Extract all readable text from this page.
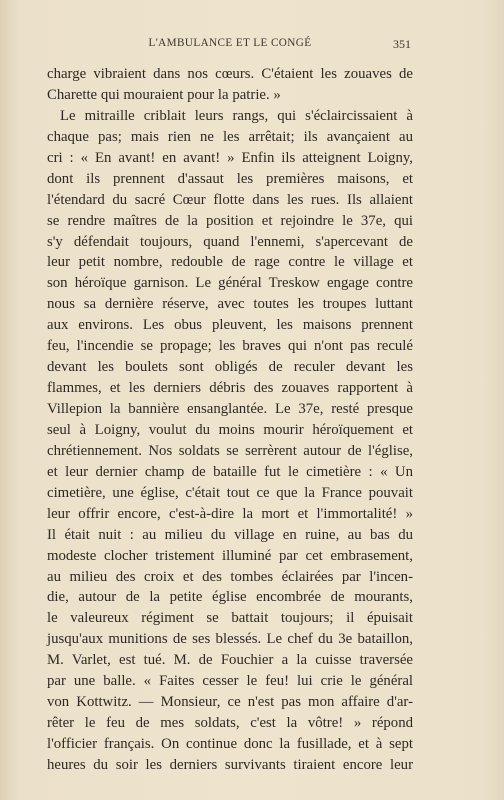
L'AMBULANCE ET LE CONGÉ	351
charge vibraient dans nos cœurs. C'étaient les zouaves de
Charette qui mouraient pour la patrie. »
Le mitraille criblait leurs rangs, qui s'éclaircissaient à
chaque pas; mais rien ne les arrêtait; ils avançaient au
cri : « En avant! en avant! » Enfin ils atteignent Loigny,
dont ils prennent d'assaut les premières maisons, et
l'étendard du sacré Cœur flotte dans les rues. Ils allaient
se rendre maîtres de la position et rejoindre le 37e, qui
s'y défendait toujours, quand l'ennemi, s'apercevant de
leur petit nombre, redouble de rage contre le village et
son héroïque garnison. Le général Treskow engage contre
nous sa dernière réserve, avec toutes les troupes luttant
aux environs. Les obus pleuvent, les maisons prennent
feu, l'incendie se propage; les braves qui n'ont pas reculé
devant les boulets sont obligés de reculer devant les
flammes, et les derniers débris des zouaves rapportent à
Villepion la bannière ensanglantée. Le 37e, resté presque
seul à Loigny, voulut du moins mourir héroïquement et
chrétiennement. Nos soldats se serrèrent autour de l'église,
et leur dernier champ de bataille fut le cimetière : « Un
cimetière, une église, c'était tout ce que la France pouvait
leur offrir encore, c'est-à-dire la mort et l'immortalité! »
Il était nuit : au milieu du village en ruine, au bas du
modeste clocher tristement illuminé par cet embrasement,
au milieu des croix et des tombes éclairées par l'incen-
die, autour de la petite église encombrée de mourants,
le valeureux régiment se battait toujours; il épuisait
jusqu'aux munitions de ses blessés. Le chef du 3e bataillon,
M. Varlet, est tué. M. de Fouchier a la cuisse traversée
par une balle. « Faites cesser le feu! lui crie le général
von Kottwitz. — Monsieur, ce n'est pas mon affaire d'ar-
rêter le feu de mes soldats, c'est la vôtre! » répond
l'officier français. On continue donc la fusillade, et à sept
heures du soir les derniers survivants tiraient encore leur
